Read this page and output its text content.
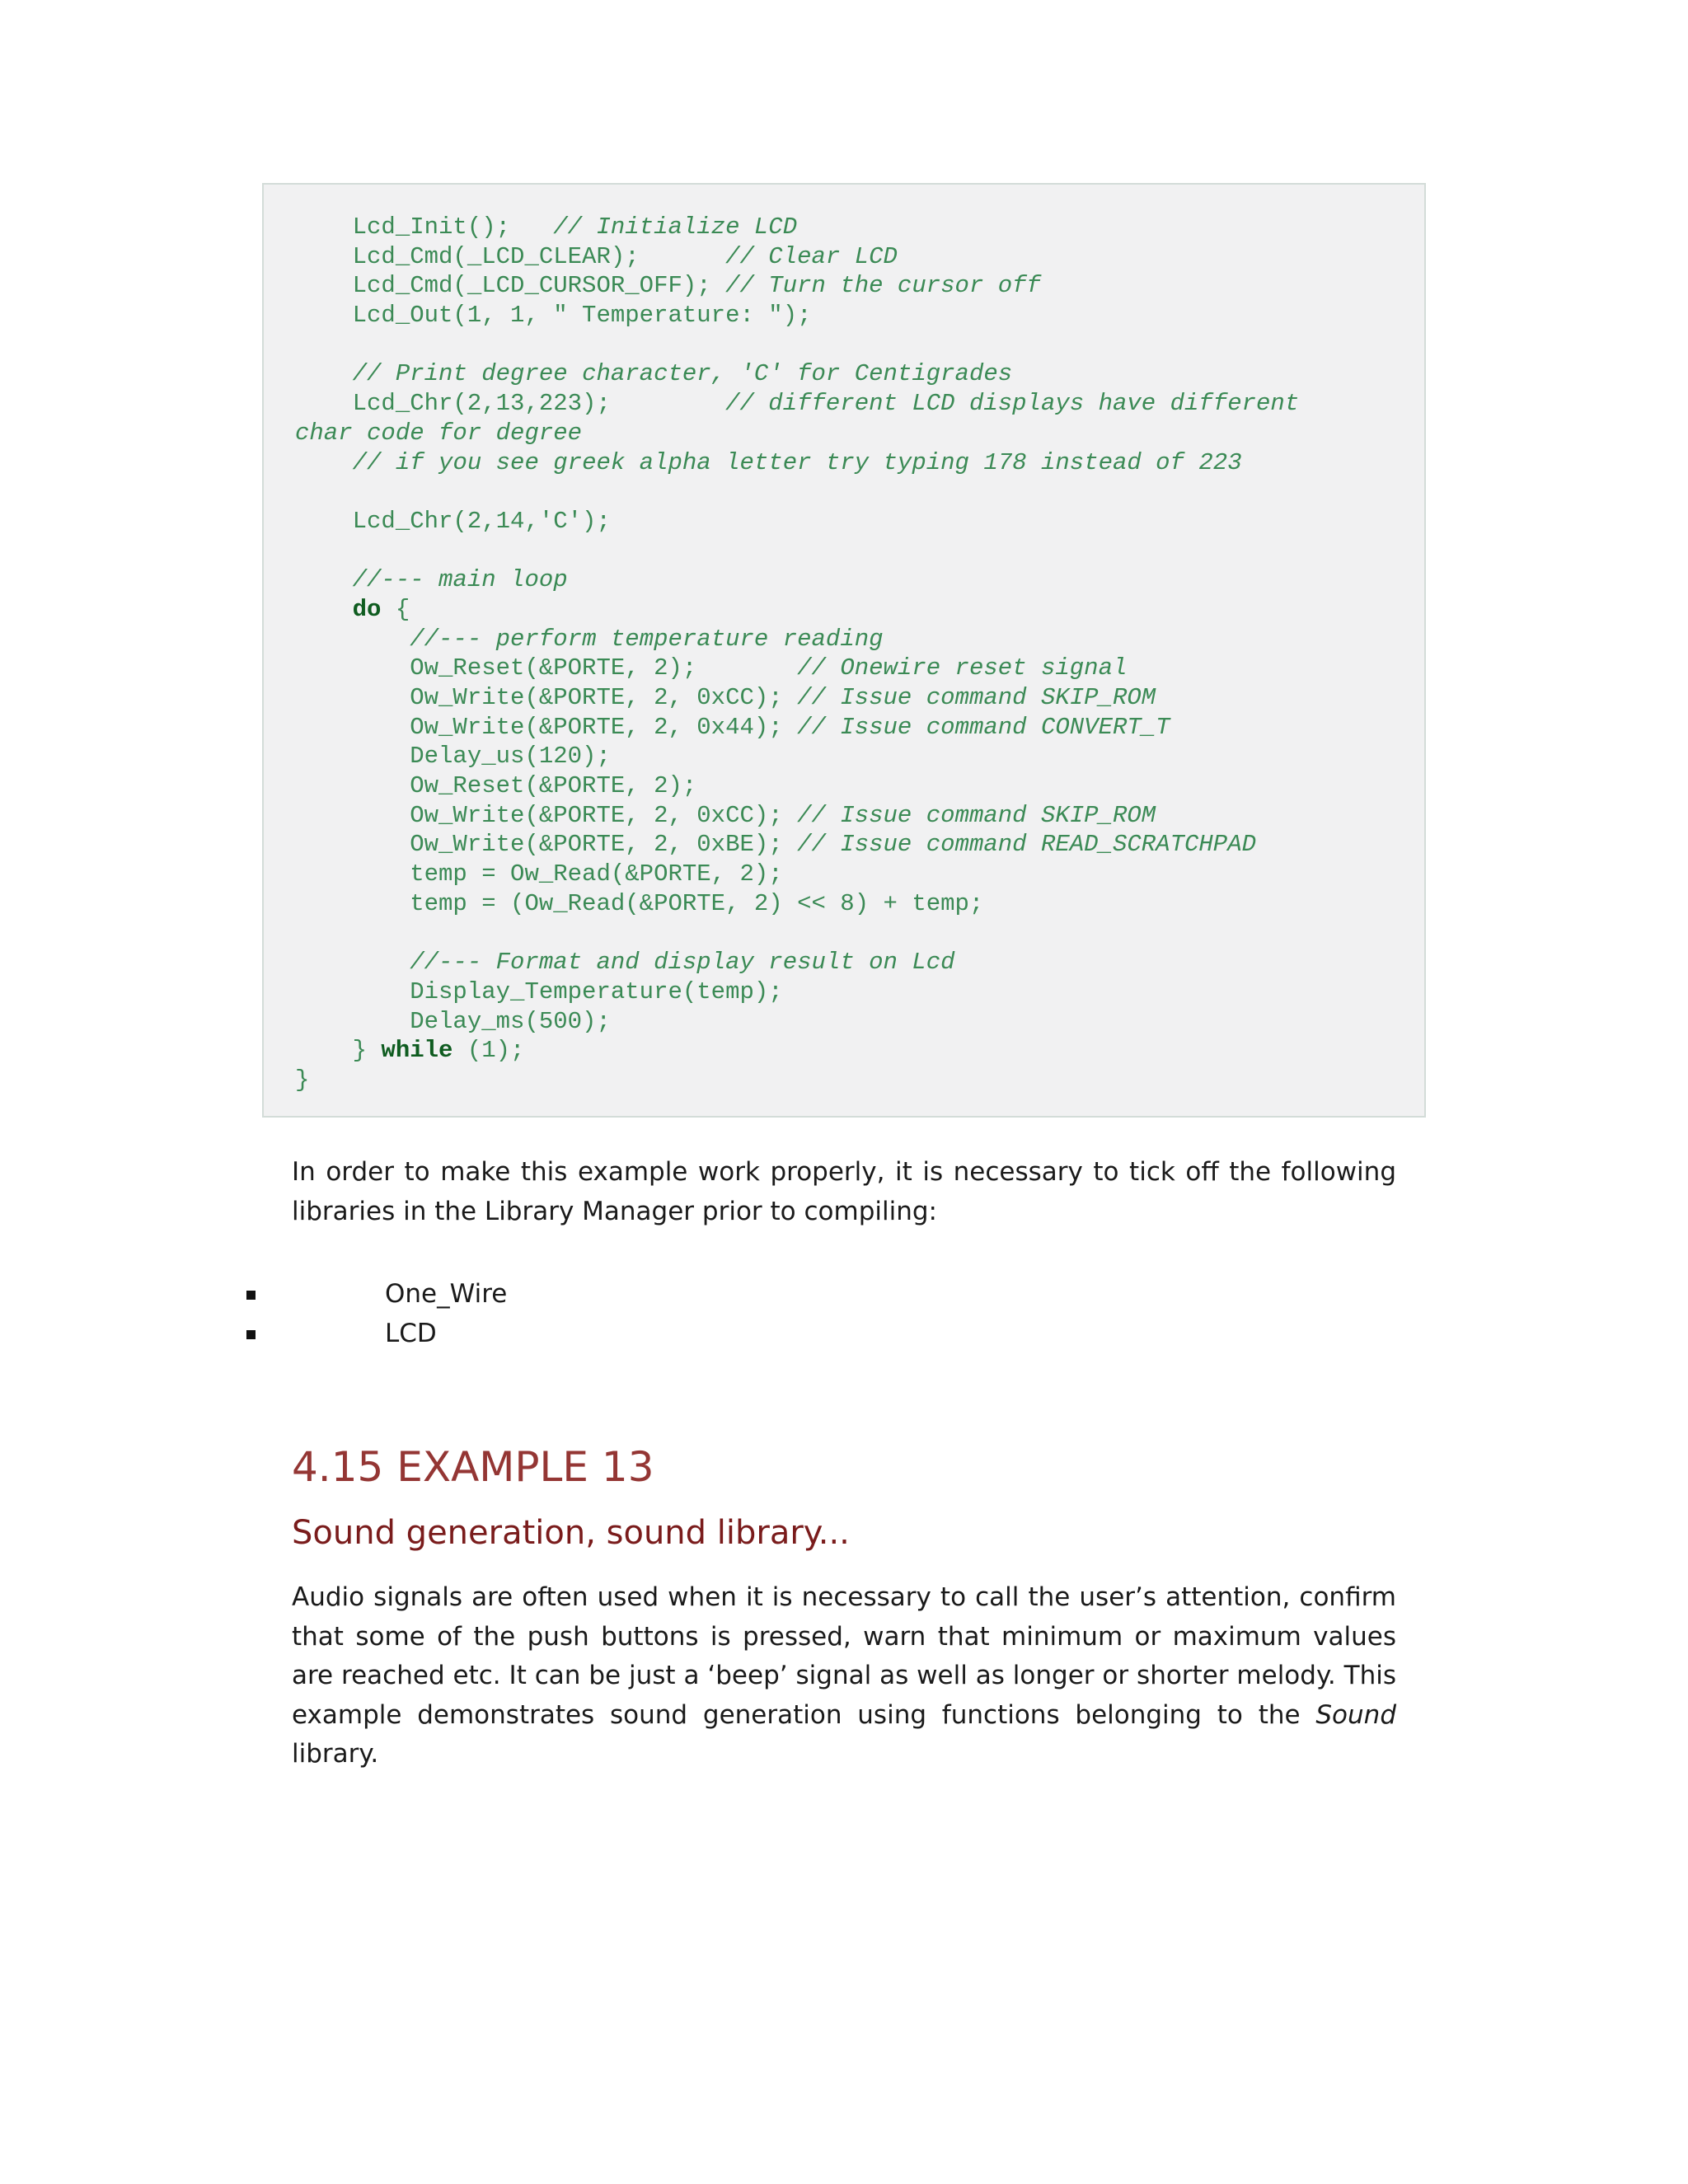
Lcd_Init();   // Initialize LCD
Lcd_Cmd(_LCD_CLEAR);      // Clear LCD
Lcd_Cmd(_LCD_CURSOR_OFF); // Turn the cursor off
Lcd_Out(1, 1, " Temperature: ");
// Print degree character, 'C' for Centigrades
Lcd_Chr(2,13,223);        // different LCD displays have different
char code for degree
// if you see greek alpha letter try typing 178 instead of 223
Lcd_Chr(2,14,'C');
//--- main loop
do {
//--- perform temperature reading
Ow_Reset(&PORTE, 2);       // Onewire reset signal
Ow_Write(&PORTE, 2, 0xCC); // Issue command SKIP_ROM
Ow_Write(&PORTE, 2, 0x44); // Issue command CONVERT_T
Delay_us(120);
Ow_Reset(&PORTE, 2);
Ow_Write(&PORTE, 2, 0xCC); // Issue command SKIP_ROM
Ow_Write(&PORTE, 2, 0xBE); // Issue command READ_SCRATCHPAD
temp = Ow_Read(&PORTE, 2);
temp = (Ow_Read(&PORTE, 2) << 8) + temp;
//--- Format and display result on Lcd
Display_Temperature(temp);
Delay_ms(500);
} while (1);
}

In order to make this example work properly, it is necessary to tick off the following libraries in the Library Manager prior to compiling:

One_Wire
LCD
4.15 EXAMPLE 13
Sound generation, sound library...

Audio signals are often used when it is necessary to call the user’s attention, confirm that some of the push buttons is pressed, warn that minimum or maximum values are reached etc. It can be just a ‘beep’ signal as well as longer or shorter melody. This example demonstrates sound generation using functions belonging to the Sound library.
